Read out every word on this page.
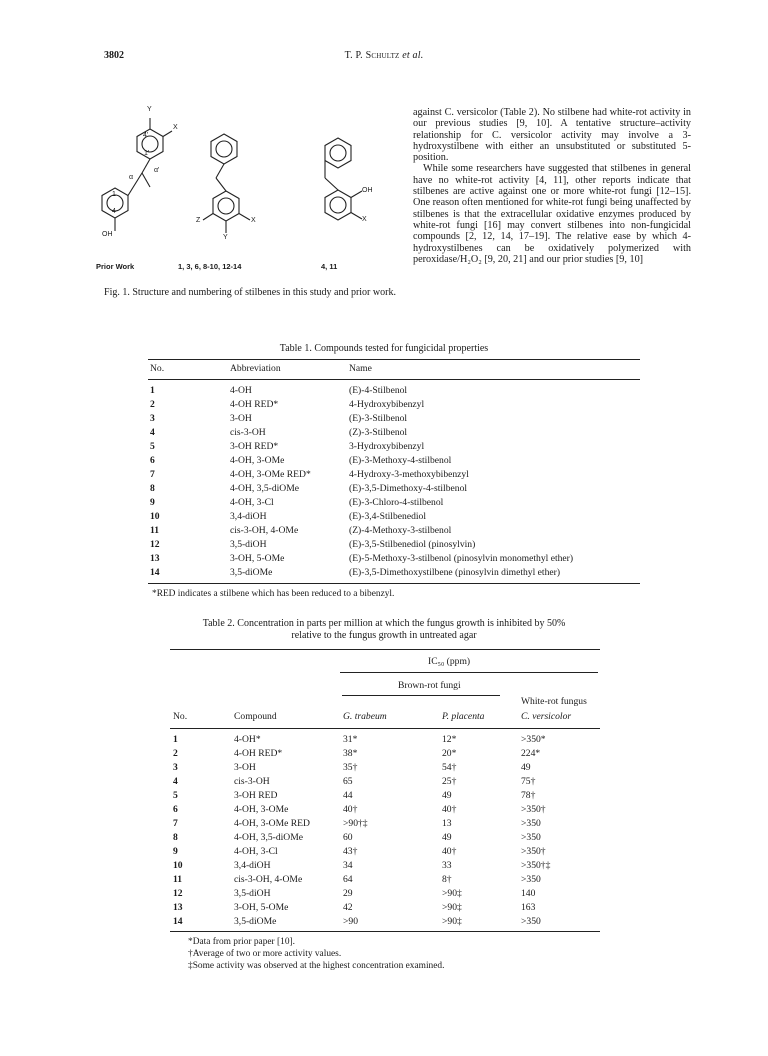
3802	T. P. Schultz et al.
Y
X
4'
1'
α
α'
1
4
OH
Z	X
Y
OH
X
Prior Work	1, 3, 6, 8-10, 12-14	4, 11
Fig. 1. Structure and numbering of stilbenes in this study and prior work.

against C. versicolor (Table 2). No stilbene had white-rot activity in our previous studies [9, 10]. A tentative structure–activity relationship for C. versicolor activity may involve a 3-hydroxystilbene with either an unsubstituted or substituted 5-position.

While some researchers have suggested that stilbenes in general have no white-rot activity [4, 11], other reports indicate that stilbenes are active against one or more white-rot fungi [12–15]. One reason often mentioned for white-rot fungi being unaffected by stilbenes is that the extracellular oxidative enzymes produced by white-rot fungi [16] may convert stilbenes into non-fungicidal compounds [2, 12, 14, 17–19]. The relative ease by which 4-hydroxystilbenes can be oxidatively polymerized with peroxidase/H₂O₂ [9, 20, 21] and our prior studies [9, 10]

Table 1. Compounds tested for fungicidal properties
No.	Abbreviation	Name
1	4-OH	(E)-4-Stilbenol
2	4-OH RED*	4-Hydroxybibenzyl
3	3-OH	(E)-3-Stilbenol
4	cis-3-OH	(Z)-3-Stilbenol
5	3-OH RED*	3-Hydroxybibenzyl
6	4-OH, 3-OMe	(E)-3-Methoxy-4-stilbenol
7	4-OH, 3-OMe RED*	4-Hydroxy-3-methoxybibenzyl
8	4-OH, 3,5-diOMe	(E)-3,5-Dimethoxy-4-stilbenol
9	4-OH, 3-Cl	(E)-3-Chloro-4-stilbenol
10	3,4-diOH	(E)-3,4-Stilbenediol
11	cis-3-OH, 4-OMe	(Z)-4-Methoxy-3-stilbenol
12	3,5-diOH	(E)-3,5-Stilbenediol (pinosylvin)
13	3-OH, 5-OMe	(E)-5-Methoxy-3-stilbenol (pinosylvin monomethyl ether)
14	3,5-diOMe	(E)-3,5-Dimethoxystilbene (pinosylvin dimethyl ether)
*RED indicates a stilbene which has been reduced to a bibenzyl.
Table 2. Concentration in parts per million at which the fungus growth is inhibited by 50%
relative to the fungus growth in untreated agar
IC₅₀ (ppm)
Brown-rot fungi
White-rot fungus
No.	Compound	G. trabeum	P. placenta	C. versicolor
1	4-OH*	31*	12*	>350*
2	4-OH RED*	38*	20*	224*
3	3-OH	35†	54†	49
4	cis-3-OH	65	25†	75†
5	3-OH RED	44	49	78†
6	4-OH, 3-OMe	40†	40†	>350†
7	4-OH, 3-OMe RED	>90†‡	13	>350
8	4-OH, 3,5-diOMe	60	49	>350
9	4-OH, 3-Cl	43†	40†	>350†
10	3,4-diOH	34	33	>350†‡
11	cis-3-OH, 4-OMe	64	8†	>350
12	3,5-diOH	29	>90‡	140
13	3-OH, 5-OMe	42	>90‡	163
14	3,5-diOMe	>90	>90‡	>350
*Data from prior paper [10].
†Average of two or more activity values.
‡Some activity was observed at the highest concentration examined.
